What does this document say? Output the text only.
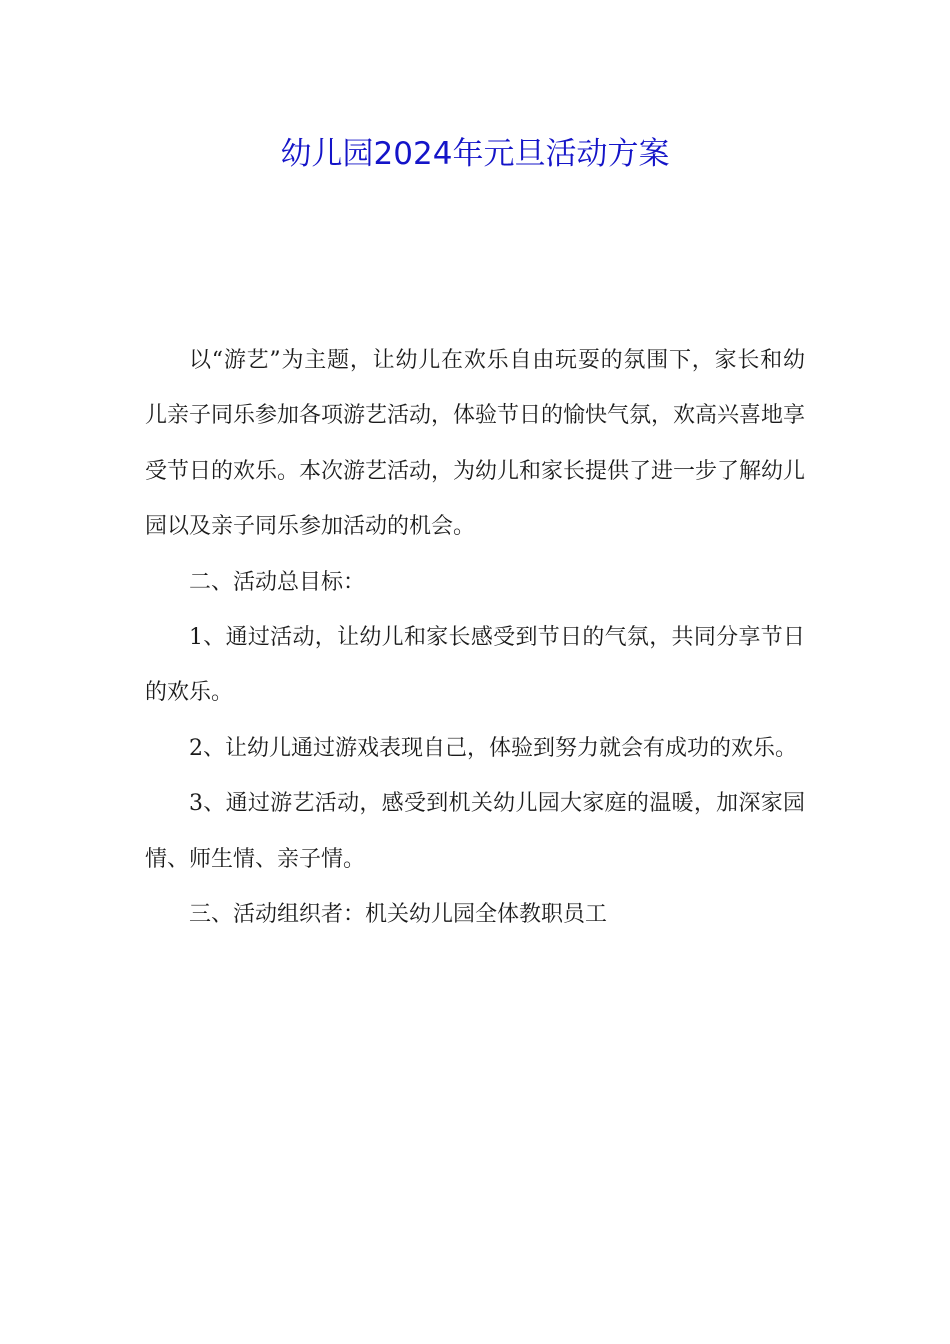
幼儿园2024年元旦活动方案

以“游艺”为主题，让幼儿在欢乐自由玩耍的氛围下，家长和幼儿亲子同乐参加各项游艺活动，体验节日的愉快气氛，欢高兴喜地享受节日的欢乐。本次游艺活动，为幼儿和家长提供了进一步了解幼儿园以及亲子同乐参加活动的机会。

二、活动总目标：

1、通过活动，让幼儿和家长感受到节日的气氛，共同分享节日的欢乐。

2、让幼儿通过游戏表现自己，体验到努力就会有成功的欢乐。

3、通过游艺活动，感受到机关幼儿园大家庭的温暖，加深家园情、师生情、亲子情。

三、活动组织者：机关幼儿园全体教职员工
